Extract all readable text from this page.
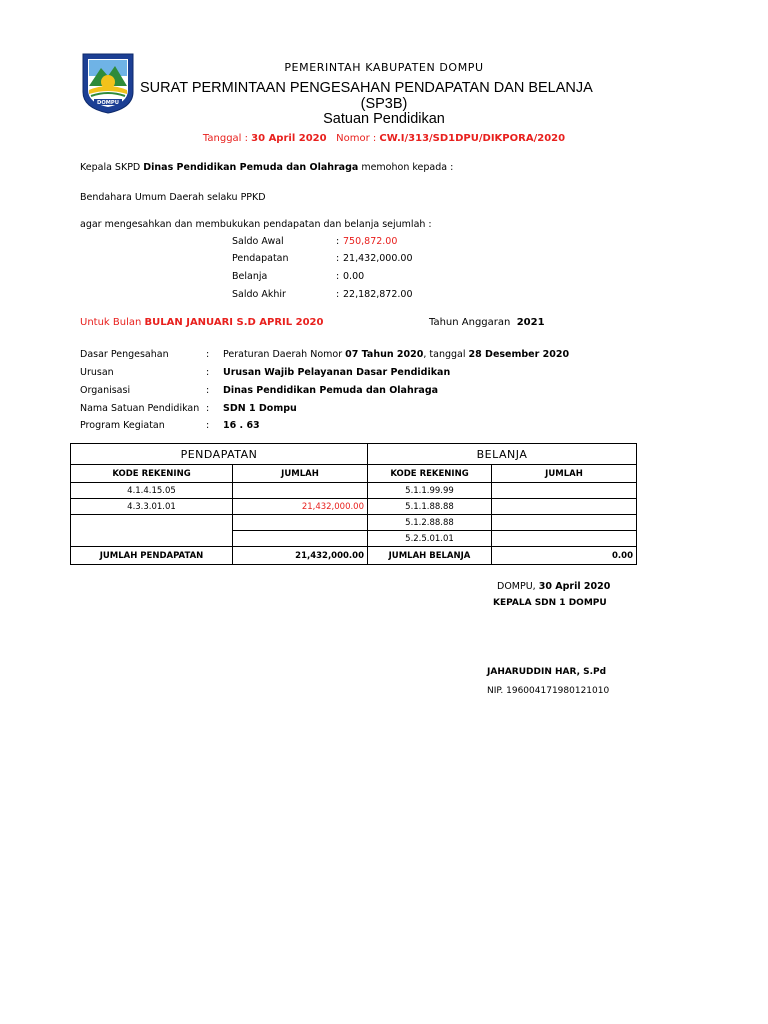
DOMPU
PEMERINTAH KABUPATEN DOMPU
SURAT PERMINTAAN PENGESAHAN PENDAPATAN DAN BELANJA
(SP3B)
Satuan Pendidikan
Tanggal : 30 April 2020 Nomor : CW.I/313/SD1DPU/DIKPORA/2020
Kepala SKPD Dinas Pendidikan Pemuda dan Olahraga memohon kepada :
Bendahara Umum Daerah selaku PPKD
agar mengesahkan dan membukukan pendapatan dan belanja sejumlah :
Saldo Awal	: 750,872.00
Pendapatan	: 21,432,000.00
Belanja	: 0.00
Saldo Akhir	: 22,182,872.00
Untuk Bulan BULAN JANUARI S.D APRIL 2020	Tahun Anggaran 2021
Dasar Pengesahan	: Peraturan Daerah Nomor 07 Tahun 2020, tanggal 28 Desember 2020
Urusan	: Urusan Wajib Pelayanan Dasar Pendidikan
Organisasi	: Dinas Pendidikan Pemuda dan Olahraga
Nama Satuan Pendidikan : SDN 1 Dompu
Program Kegiatan	: 16 . 63
PENDAPATAN		BELANJA	
KODE REKENING	JUMLAH	KODE REKENING	JUMLAH
4.1.4.15.05		5.1.1.99.99	
4.3.3.01.01	21,432,000.00	5.1.1.88.88	
		5.1.2.88.88	
		5.2.5.01.01	
JUMLAH PENDAPATAN	21,432,000.00	JUMLAH BELANJA	0.00
DOMPU, 30 April 2020
KEPALA SDN 1 DOMPU
JAHARUDDIN HAR, S.Pd
NIP. 196004171980121010
